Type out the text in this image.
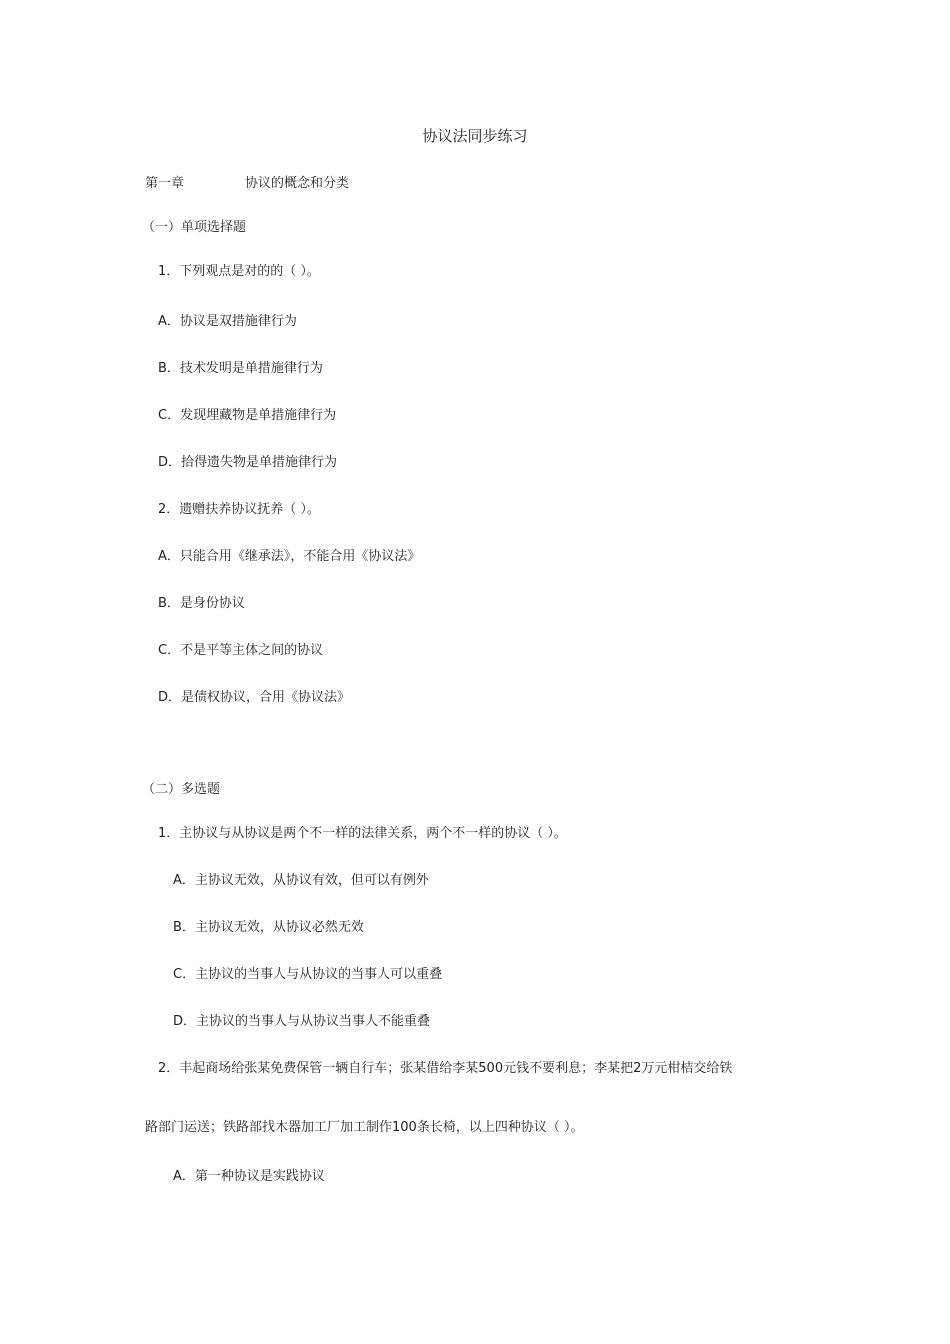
协议法同步练习
第一章	协议的概念和分类
（一）单项选择题
1．下列观点是对的的（ ）。
A．协议是双措施律行为
B．技术发明是单措施律行为
C．发现埋藏物是单措施律行为
D．拾得遗失物是单措施律行为
2．遗赠扶养协议抚养（ ）。
A．只能合用《继承法》，不能合用《协议法》
B．是身份协议
C．不是平等主体之间的协议
D．是债权协议，合用《协议法》
（二）多选题
1．主协议与从协议是两个不一样的法律关系，两个不一样的协议（ ）。
A．主协议无效，从协议有效，但可以有例外
B．主协议无效，从协议必然无效
C．主协议的当事人与从协议的当事人可以重叠
D．主协议的当事人与从协议当事人不能重叠
2．丰起商场给张某免费保管一辆自行车；张某借给李某500元钱不要利息；李某把2万元柑桔交给铁
路部门运送；铁路部找木器加工厂加工制作100条长椅，以上四种协议（ ）。
A．第一种协议是实践协议
